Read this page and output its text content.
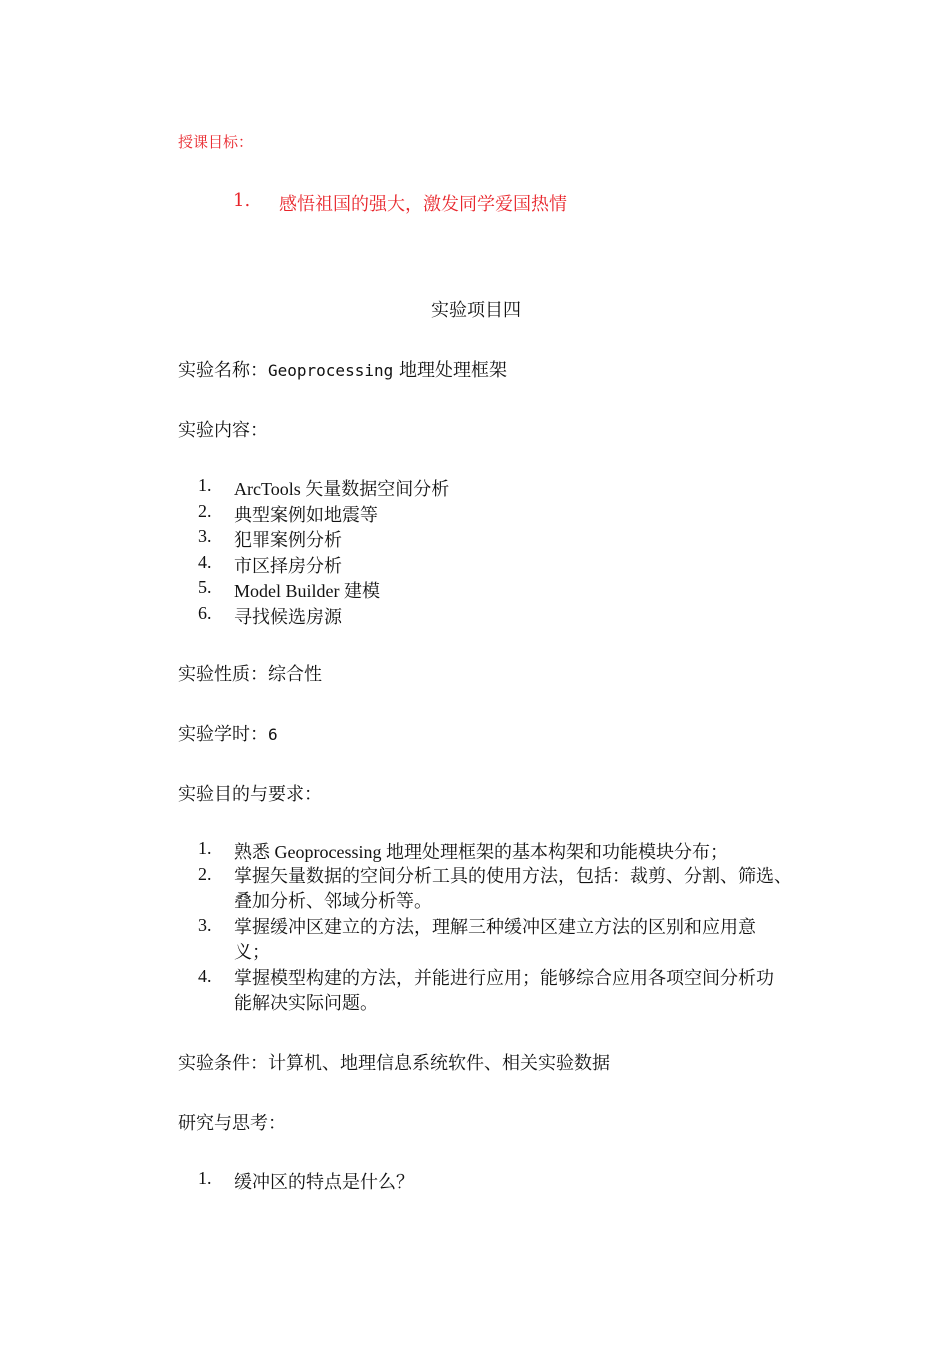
授课目标：
1. 感悟祖国的强大，激发同学爱国热情
实验项目四
实验名称：Geoprocessing 地理处理框架
实验内容：
1. ArcTools 矢量数据空间分析
2. 典型案例如地震等
3. 犯罪案例分析
4. 市区择房分析
5. Model Builder 建模
6. 寻找候选房源
实验性质：综合性
实验学时：6
实验目的与要求：
1. 熟悉 Geoprocessing 地理处理框架的基本构架和功能模块分布；
2. 掌握矢量数据的空间分析工具的使用方法，包括：裁剪、分割、筛选、
叠加分析、邻域分析等。
3. 掌握缓冲区建立的方法，理解三种缓冲区建立方法的区别和应用意
义；
4. 掌握模型构建的方法，并能进行应用；能够综合应用各项空间分析功
能解决实际问题。
实验条件：计算机、地理信息系统软件、相关实验数据
研究与思考：
1. 缓冲区的特点是什么？
